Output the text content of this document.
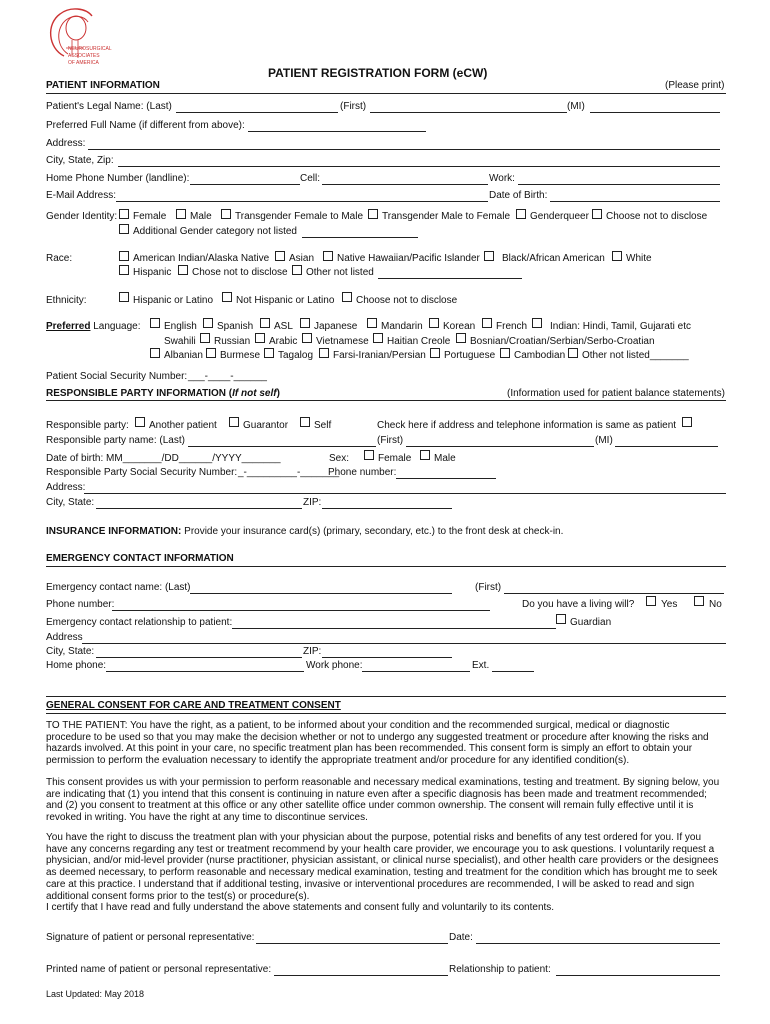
NEUROSURGICAL
ASSOCIATES
OF AMERICA
PATIENT REGISTRATION FORM (eCW)
PATIENT INFORMATION	(Please print)
Patient's Legal Name: (Last)	(First)	(MI)
Preferred Full Name (if different from above):
Address:
City, State, Zip:
Home Phone Number (landline):	Cell:	Work:
E-Mail Address:	Date of Birth:
Gender Identity: Female Male Transgender Female to Male Transgender Male to Female Genderqueer Choose not to disclose
Additional Gender category not listed
Race:	American Indian/Alaska Native Asian Native Hawaiian/Pacific Islander Black/African American White
Hispanic Chose not to disclose Other not listed
Ethnicity:	Hispanic or Latino Not Hispanic or Latino Choose not to disclose
Preferred Language: English Spanish ASL Japanese Mandarin Korean French Indian: Hindi, Tamil, Gujarati etc
Swahili Russian Arabic Vietnamese Haitian Creole Bosnian/Croatian/Serbian/Serbo-Croatian
Albanian Burmese Tagalog Farsi-Iranian/Persian Portuguese Cambodian Other not listed_______
Patient Social Security Number: ___-____-______
RESPONSIBLE PARTY INFORMATION (If not self)	(Information used for patient balance statements)
Responsible party: Another patient	Guarantor	Self	Check here if address and telephone information is same as patient
Responsible party name: (Last)	(First)	(MI)
Date of birth: MM_______/DD______/YYYY_______	Sex:	Female Male
Responsible Party Social Security Number: _-_________-_______
Phone number:
Address:
City, State:	ZIP:
INSURANCE INFORMATION: Provide your insurance card(s) (primary, secondary, etc.) to the front desk at check-in.
EMERGENCY CONTACT INFORMATION
Emergency contact name: (Last)	(First)
Phone number:	Do you have a living will?	Yes	No
Emergency contact relationship to patient:	Guardian
Address
City, State:	ZIP:
Home phone:	Work phone:	Ext.
GENERAL CONSENT FOR CARE AND TREATMENT CONSENT
TO THE PATIENT: You have the right, as a patient, to be informed about your condition and the recommended surgical, medical or diagnostic
procedure to be used so that you may make the decision whether or not to undergo any suggested treatment or procedure after knowing the risks and
hazards involved. At this point in your care, no specific treatment plan has been recommended. This consent form is simply an effort to obtain your
permission to perform the evaluation necessary to identify the appropriate treatment and/or procedure for any identified condition(s).
This consent provides us with your permission to perform reasonable and necessary medical examinations, testing and treatment. By signing below, you
are indicating that (1) you intend that this consent is continuing in nature even after a specific diagnosis has been made and treatment recommended;
and (2) you consent to treatment at this office or any other satellite office under common ownership. The consent will remain fully effective until it is
revoked in writing. You have the right at any time to discontinue services.
You have the right to discuss the treatment plan with your physician about the purpose, potential risks and benefits of any test ordered for you. If you
have any concerns regarding any test or treatment recommend by your health care provider, we encourage you to ask questions. I voluntarily request a
physician, and/or mid-level provider (nurse practitioner, physician assistant, or clinical nurse specialist), and other health care providers or the designees
as deemed necessary, to perform reasonable and necessary medical examination, testing and treatment for the condition which has brought me to seek
care at this practice. I understand that if additional testing, invasive or interventional procedures are recommended, I will be asked to read and sign
additional consent forms prior to the test(s) or procedure(s).
I certify that I have read and fully understand the above statements and consent fully and voluntarily to its contents.
Signature of patient or personal representative:	Date:
Printed name of patient or personal representative:	Relationship to patient:
Last Updated: May 2018
